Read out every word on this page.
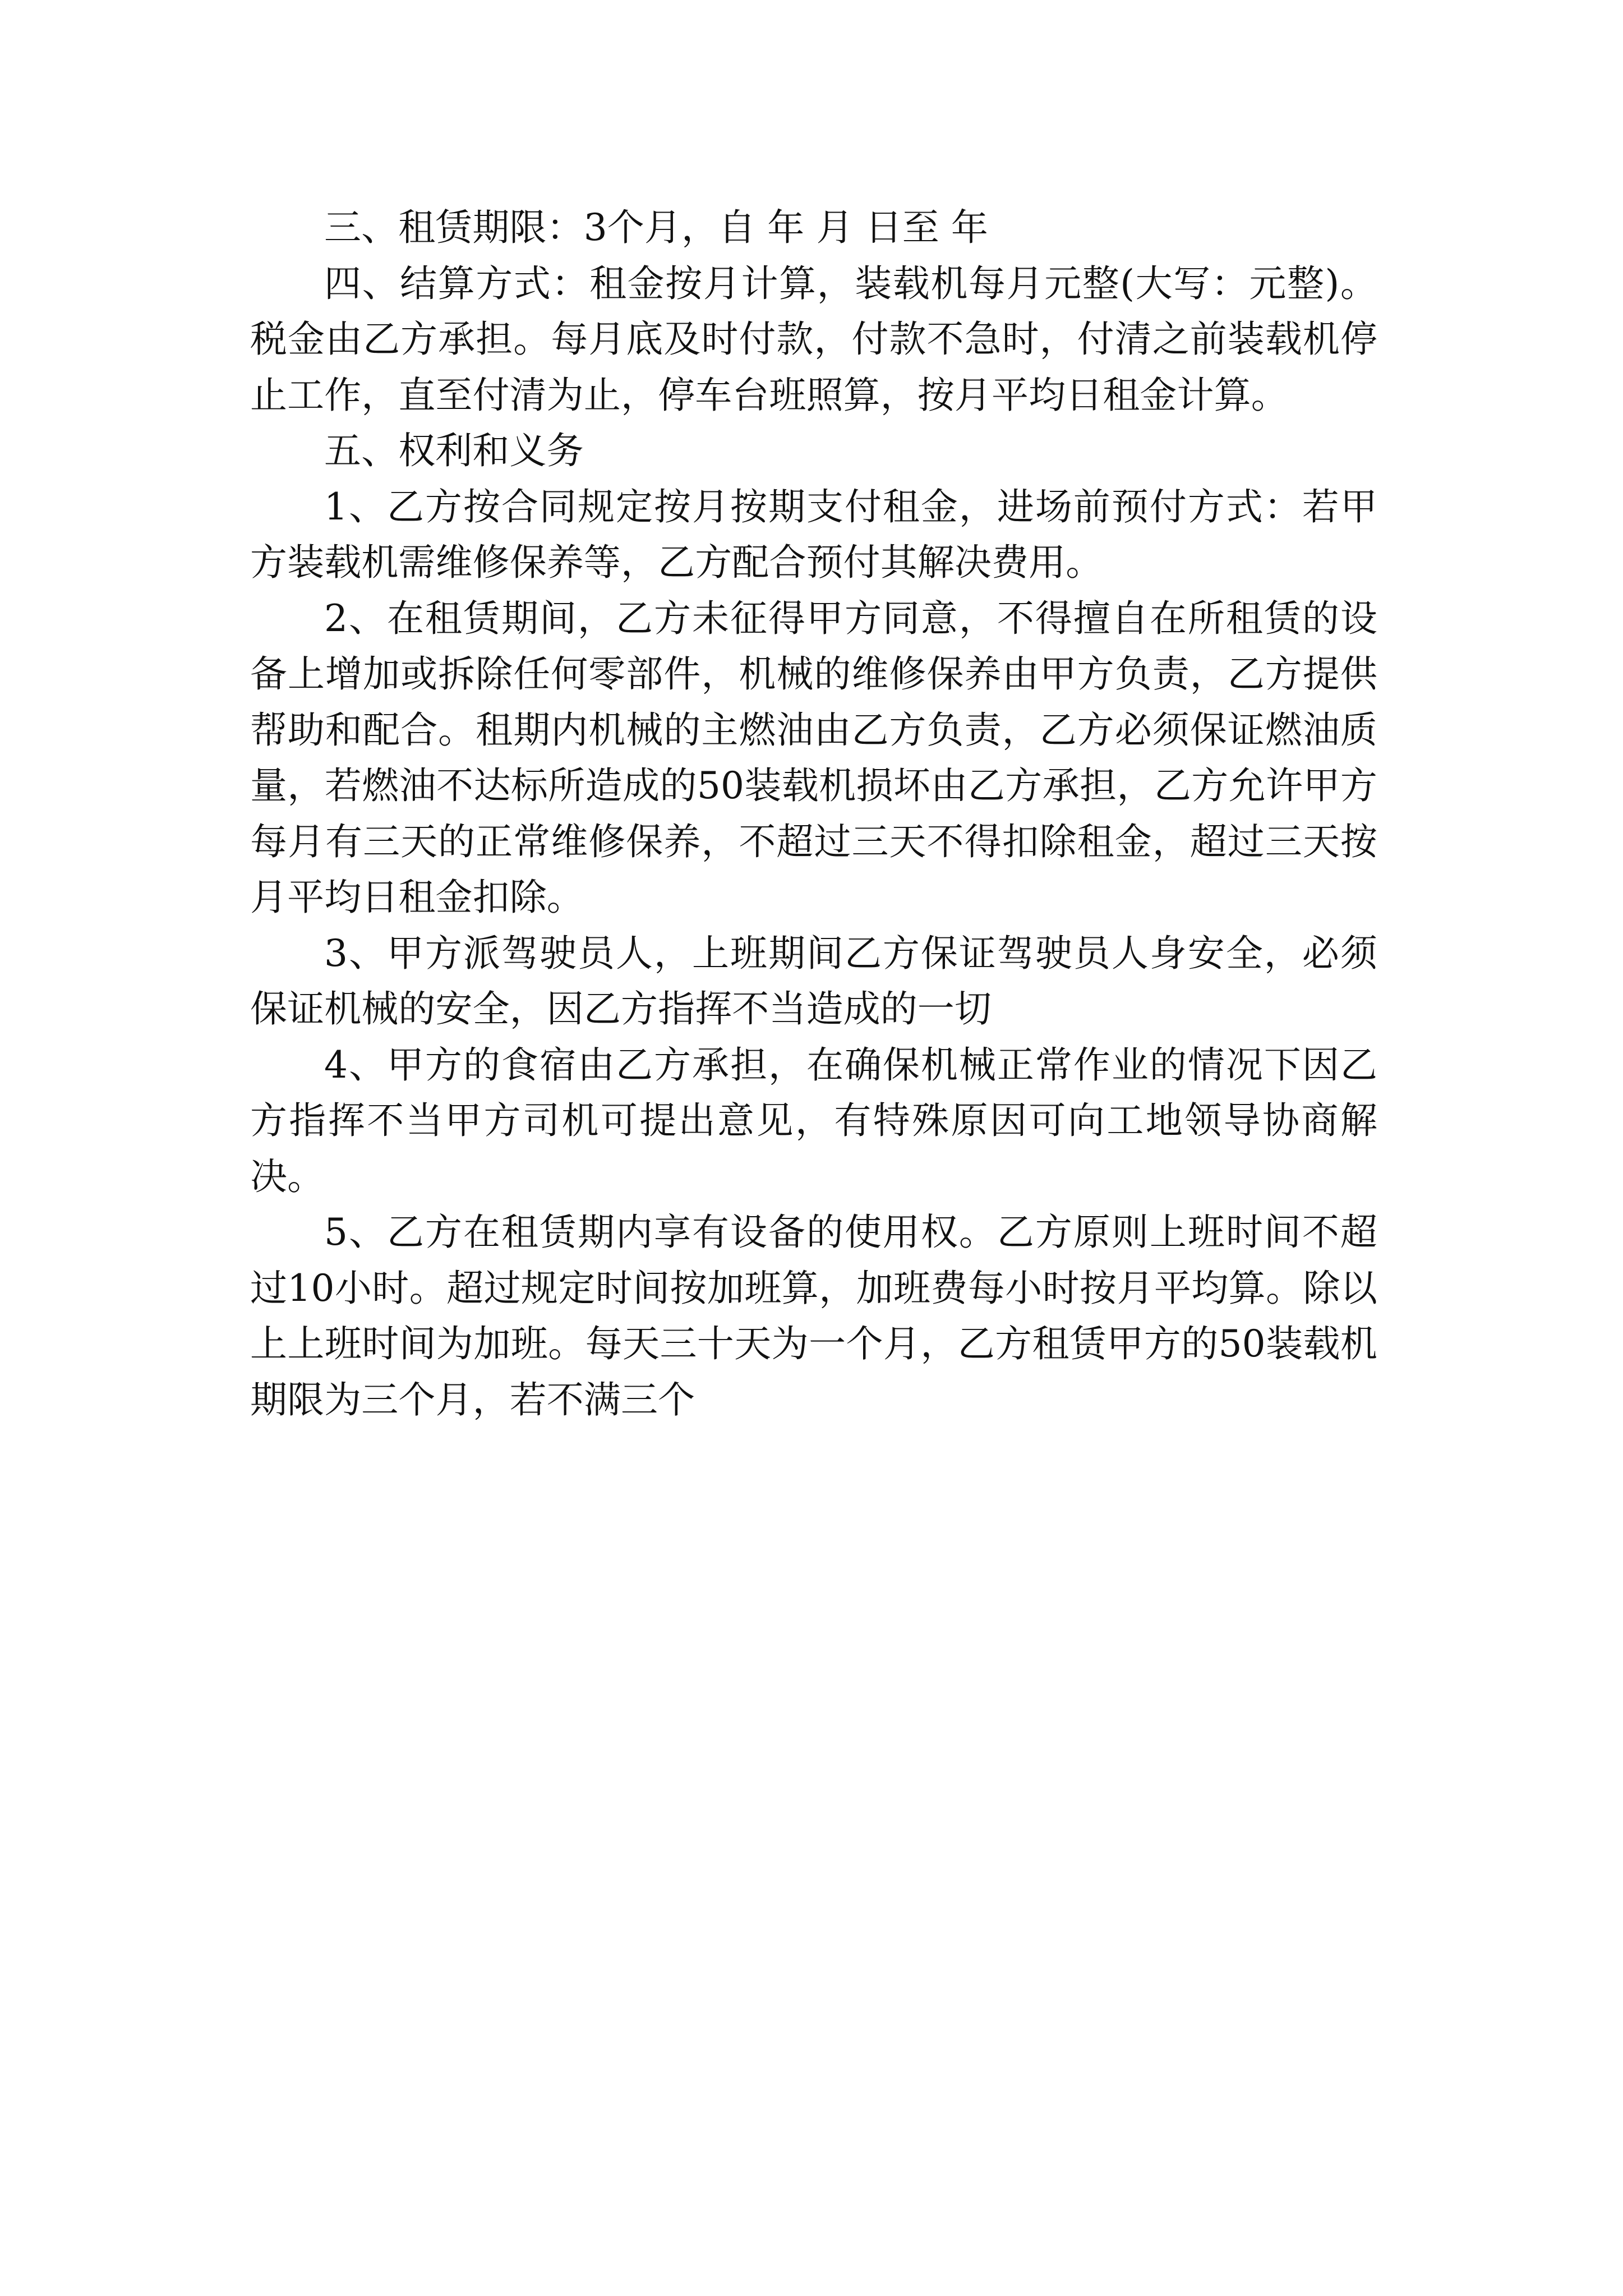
三、租赁期限：3个月，自 年 月 日至 年

四、结算方式：租金按月计算，装载机每月元整(大写：元整)。税金由乙方承担。每月底及时付款，付款不急时，付清之前装载机停止工作，直至付清为止，停车台班照算，按月平均日租金计算。

五、权利和义务

1、乙方按合同规定按月按期支付租金，进场前预付方式：若甲方装载机需维修保养等，乙方配合预付其解决费用。

2、在租赁期间，乙方未征得甲方同意，不得擅自在所租赁的设备上增加或拆除任何零部件，机械的维修保养由甲方负责，乙方提供帮助和配合。租期内机械的主燃油由乙方负责，乙方必须保证燃油质量，若燃油不达标所造成的50装载机损坏由乙方承担，乙方允许甲方每月有三天的正常维修保养，不超过三天不得扣除租金，超过三天按月平均日租金扣除。

3、甲方派驾驶员人，上班期间乙方保证驾驶员人身安全，必须保证机械的安全，因乙方指挥不当造成的一切

4、甲方的食宿由乙方承担，在确保机械正常作业的情况下因乙方指挥不当甲方司机可提出意见，有特殊原因可向工地领导协商解决。

5、乙方在租赁期内享有设备的使用权。乙方原则上班时间不超过10小时。超过规定时间按加班算，加班费每小时按月平均算。除以上上班时间为加班。每天三十天为一个月，乙方租赁甲方的50装载机期限为三个月，若不满三个
